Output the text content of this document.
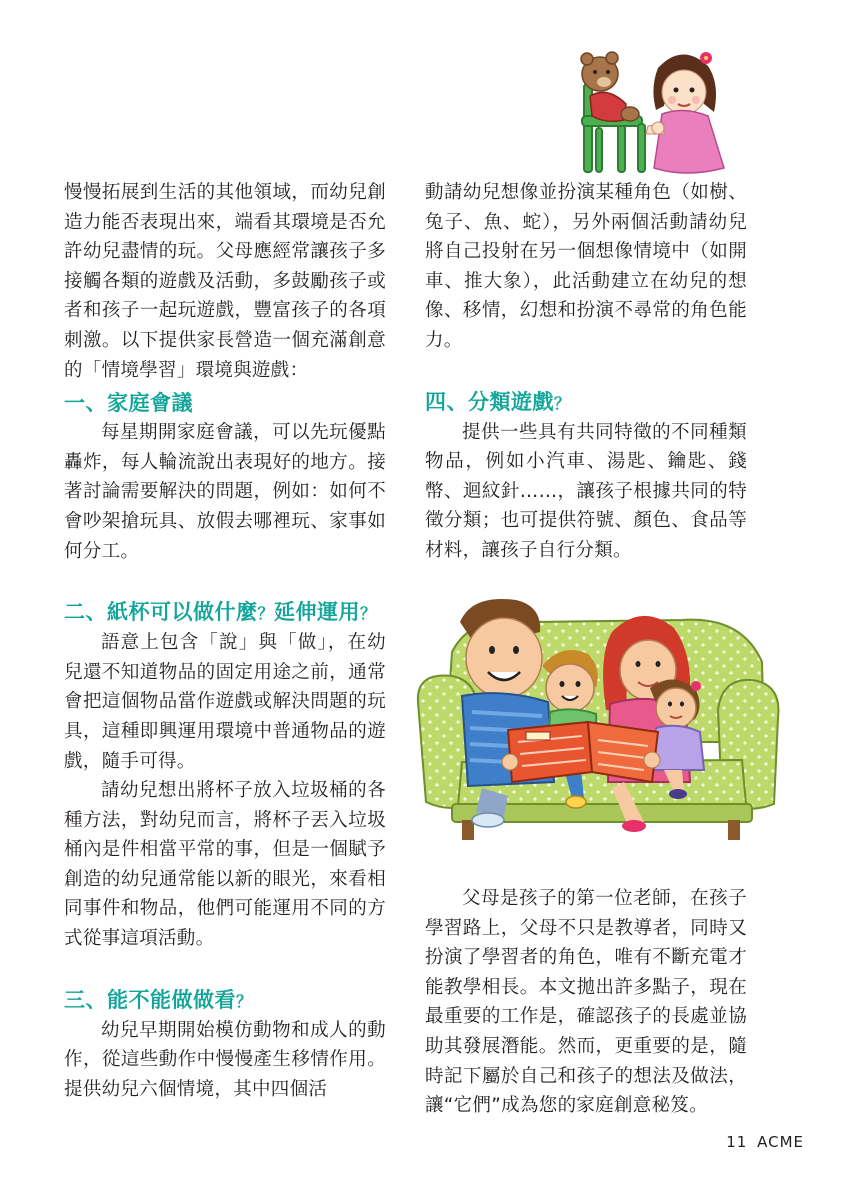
慢慢拓展到生活的其他領域，而幼兒創造力能否表現出來，端看其環境是否允許幼兒盡情的玩。父母應經常讓孩子多接觸各類的遊戲及活動，多鼓勵孩子或者和孩子一起玩遊戲，豐富孩子的各項刺激。以下提供家長營造一個充滿創意的「情境學習」環境與遊戲：

一、家庭會議

每星期開家庭會議，可以先玩優點轟炸，每人輪流說出表現好的地方。接著討論需要解決的問題，例如：如何不會吵架搶玩具、放假去哪裡玩、家事如何分工。

二、紙杯可以做什麼？延伸運用？

語意上包含「說」與「做」，在幼兒還不知道物品的固定用途之前，通常會把這個物品當作遊戲或解決問題的玩具，這種即興運用環境中普通物品的遊戲，隨手可得。

請幼兒想出將杯子放入垃圾桶的各種方法，對幼兒而言，將杯子丟入垃圾桶內是件相當平常的事，但是一個賦予創造的幼兒通常能以新的眼光，來看相同事件和物品，他們可能運用不同的方式從事這項活動。

三、能不能做做看？

幼兒早期開始模仿動物和成人的動作，從這些動作中慢慢產生移情作用。提供幼兒六個情境，其中四個活

動請幼兒想像並扮演某種角色（如樹、兔子、魚、蛇），另外兩個活動請幼兒將自己投射在另一個想像情境中（如開車、推大象），此活動建立在幼兒的想像、移情，幻想和扮演不尋常的角色能力。

四、分類遊戲？

提供一些具有共同特徵的不同種類物品，例如小汽車、湯匙、鑰匙、錢幣、迴紋針……，讓孩子根據共同的特徵分類；也可提供符號、顏色、食品等材料，讓孩子自行分類。

父母是孩子的第一位老師，在孩子學習路上，父母不只是教導者，同時又扮演了學習者的角色，唯有不斷充電才能教學相長。本文拋出許多點子，現在最重要的工作是，確認孩子的長處並協助其發展潛能。然而，更重要的是，隨時記下屬於自己和孩子的想法及做法，讓“它們”成為您的家庭創意秘笈。

11 ACME
